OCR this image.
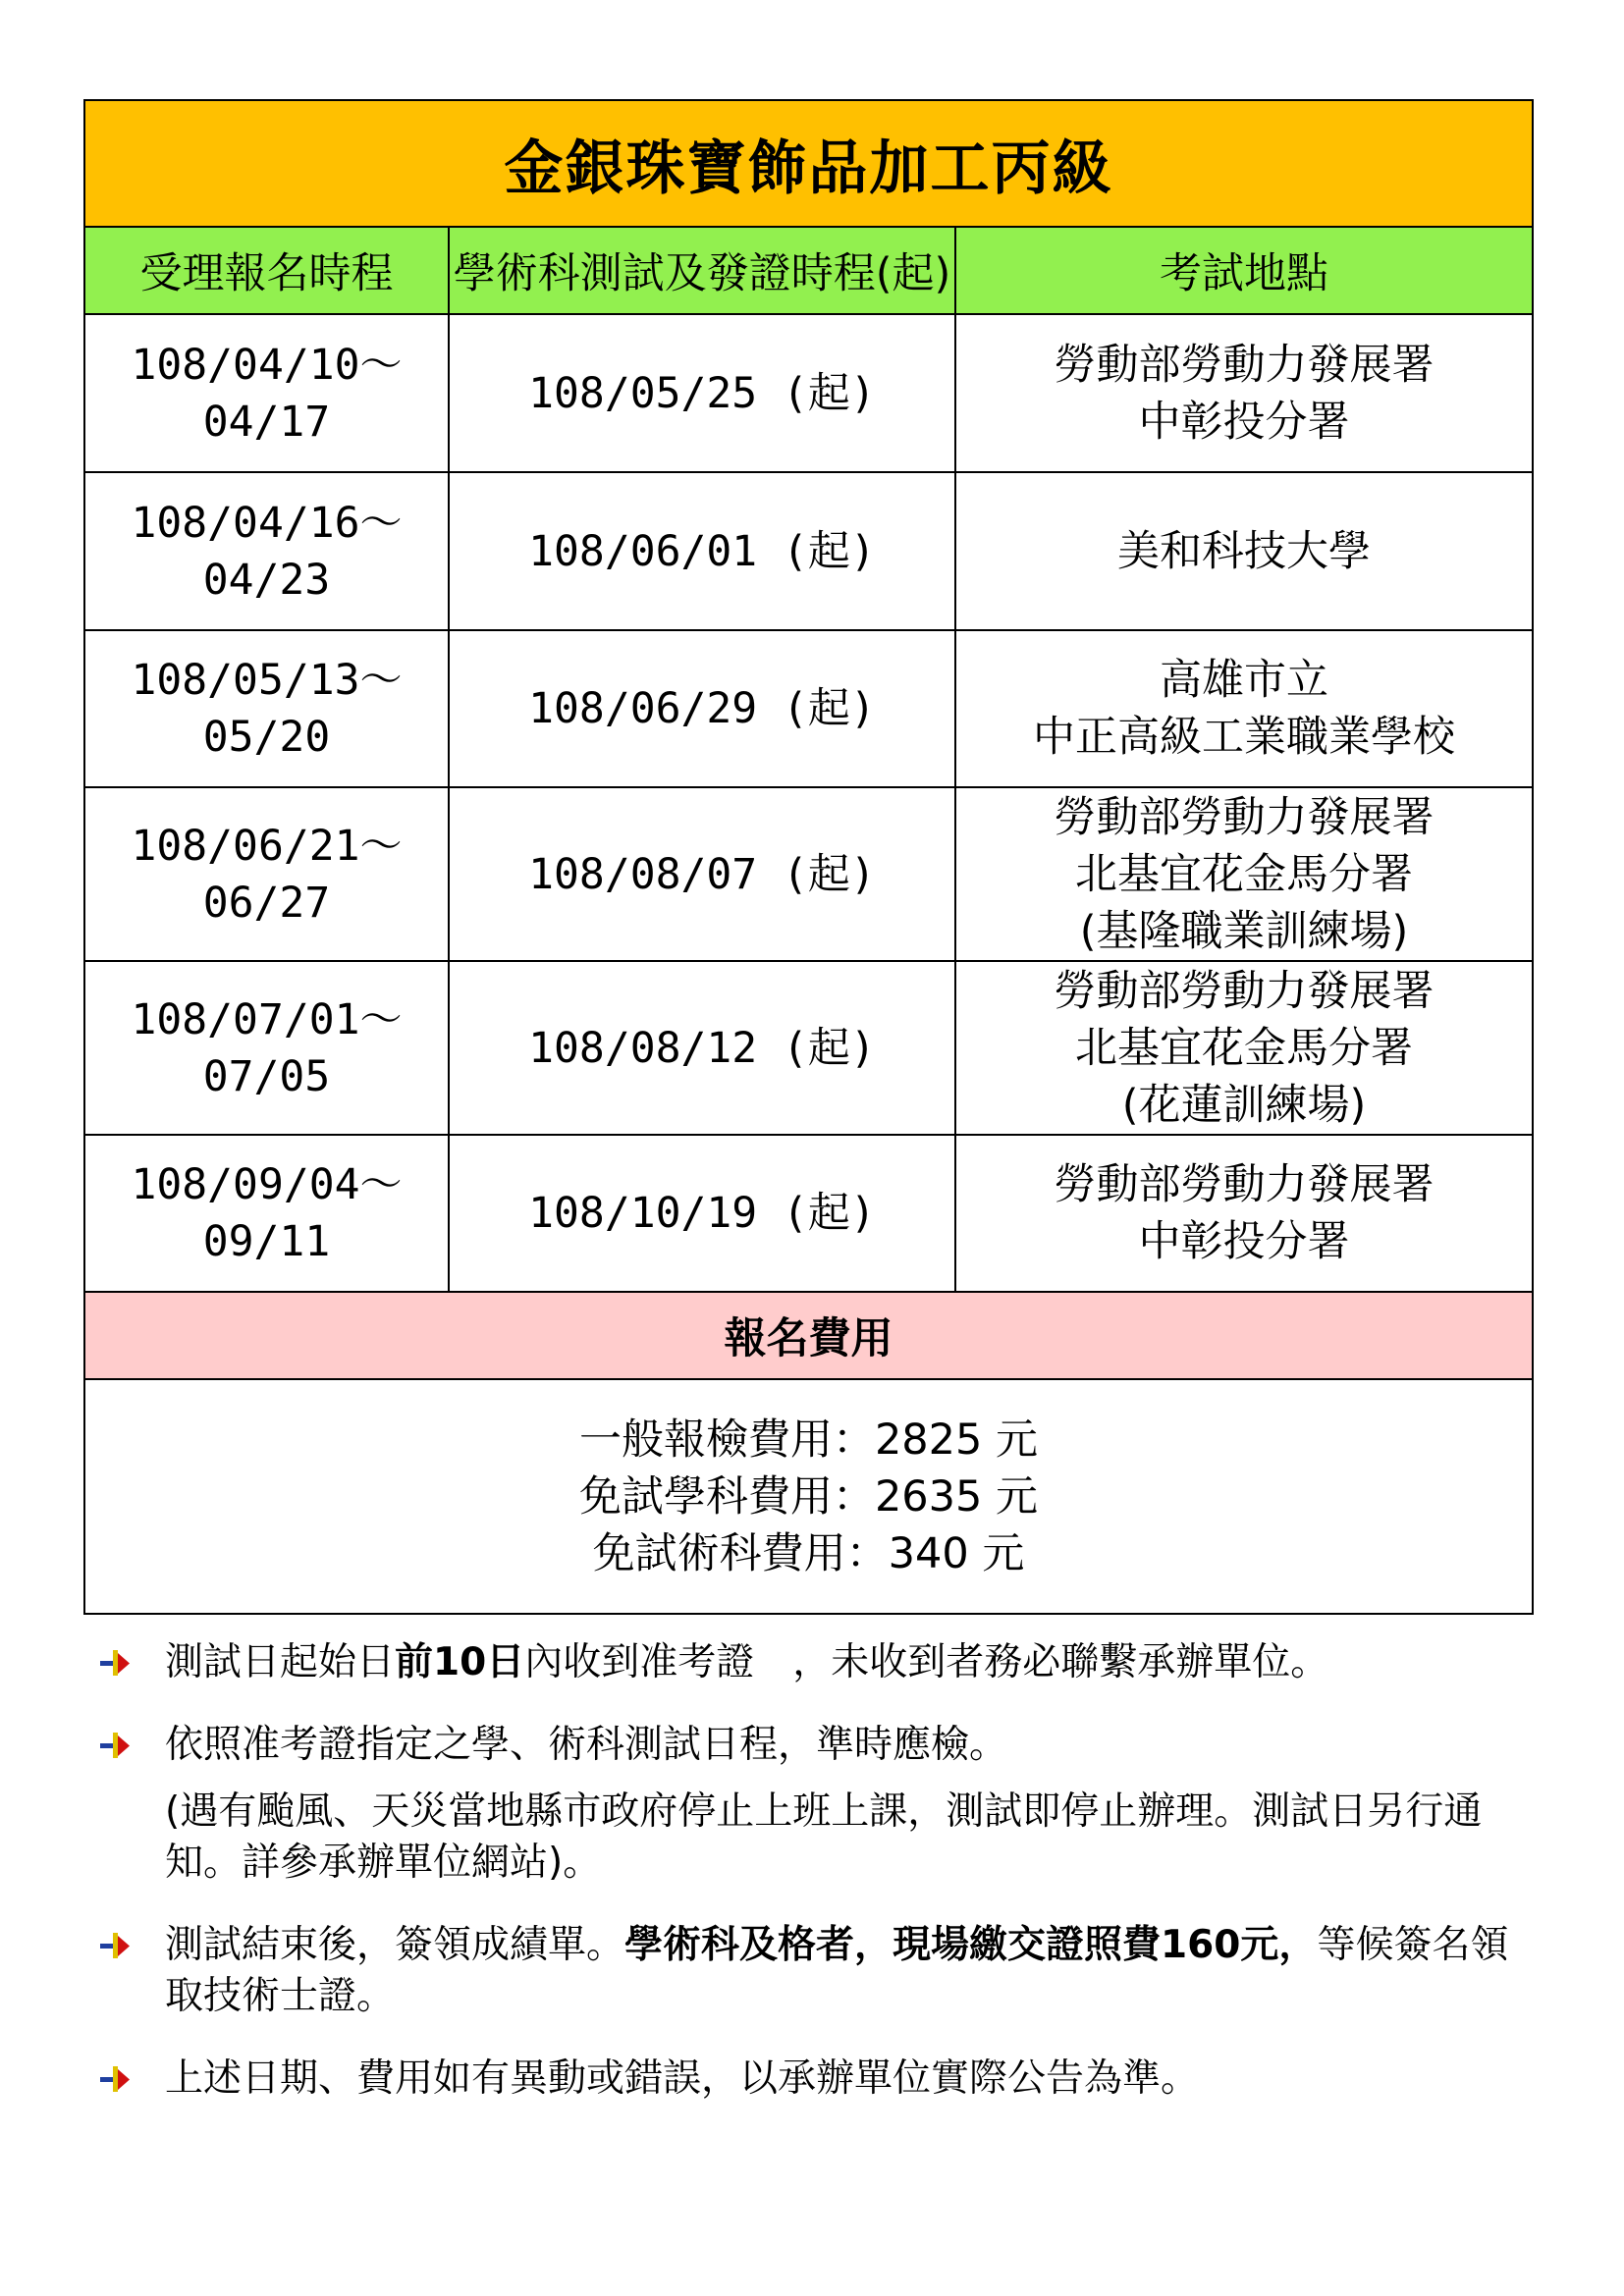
金銀珠寶飾品加工丙級		
受理報名時程	學術科測試及發證時程(起)	考試地點
108/04/10～04/17	108/05/25 (起)	勞動部勞動力發展署
中彰投分署

108/04/16～04/23	108/06/01 (起)	美和科技大學

108/05/13～05/20	108/06/29 (起)	高雄市立
中正高級工業職業學校

108/06/21～06/27	108/08/07 (起)	勞動部勞動力發展署
北基宜花金馬分署
(基隆職業訓練場)

108/07/01～07/05	108/08/12 (起)	勞動部勞動力發展署
北基宜花金馬分署
(花蓮訓練場)

108/09/04～09/11	108/10/19 (起)	勞動部勞動力發展署
中彰投分署

報名費用		

一般報檢費用：2825 元
免試學科費用：2635 元
免試術科費用：340 元		
測試日起始日前10日內收到准考證　，未收到者務必聯繫承辦單位。
依照准考證指定之學、術科測試日程，準時應檢。
(遇有颱風、天災當地縣市政府停止上班上課，測試即停止辦理。測試日另行通知。詳參承辦單位網站)。
測試結束後，簽領成績單。學術科及格者，現場繳交證照費160元，等候簽名領取技術士證。
上述日期、費用如有異動或錯誤，以承辦單位實際公告為準。
